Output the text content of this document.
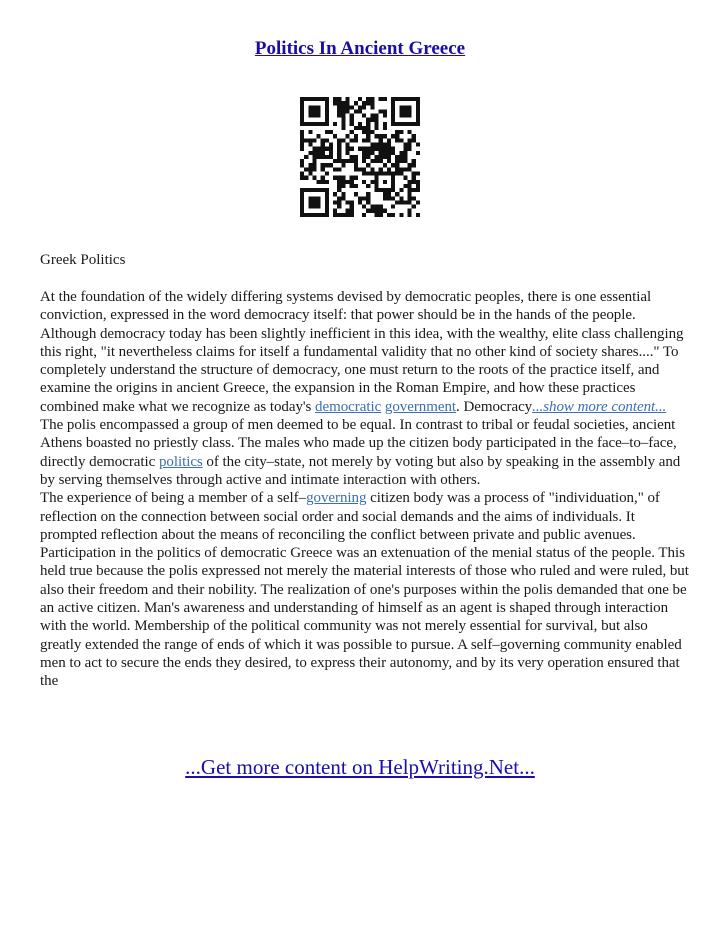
Politics In Ancient Greece
Greek Politics

At the foundation of the widely differing systems devised by democratic peoples, there is one essential conviction, expressed in the word democracy itself: that power should be in the hands of the people. Although democracy today has been slightly inefficient in this idea, with the wealthy, elite class challenging this right, "it nevertheless claims for itself a fundamental validity that no other kind of society shares...." To completely understand the structure of democracy, one must return to the roots of the practice itself, and examine the origins in ancient Greece, the expansion in the Roman Empire, and how these practices combined make what we recognize as today's democratic government. Democracy...show more content...

The polis encompassed a group of men deemed to be equal. In contrast to tribal or feudal societies, ancient Athens boasted no priestly class. The males who made up the citizen body participated in the face–to–face, directly democratic politics of the city–state, not merely by voting but also by speaking in the assembly and by serving themselves through active and intimate interaction with others.

The experience of being a member of a self–governing citizen body was a process of "individuation," of reflection on the connection between social order and social demands and the aims of individuals. It prompted reflection about the means of reconciling the conflict between private and public avenues. Participation in the politics of democratic Greece was an extenuation of the menial status of the people. This held true because the polis expressed not merely the material interests of those who ruled and were ruled, but also their freedom and their nobility. The realization of one's purposes within the polis demanded that one be an active citizen. Man's awareness and understanding of himself as an agent is shaped through interaction with the world. Membership of the political community was not merely essential for survival, but also greatly extended the range of ends of which it was possible to pursue. A self–governing community enabled men to act to secure the ends they desired, to express their autonomy, and by its very operation ensured that the

...Get more content on HelpWriting.Net...
